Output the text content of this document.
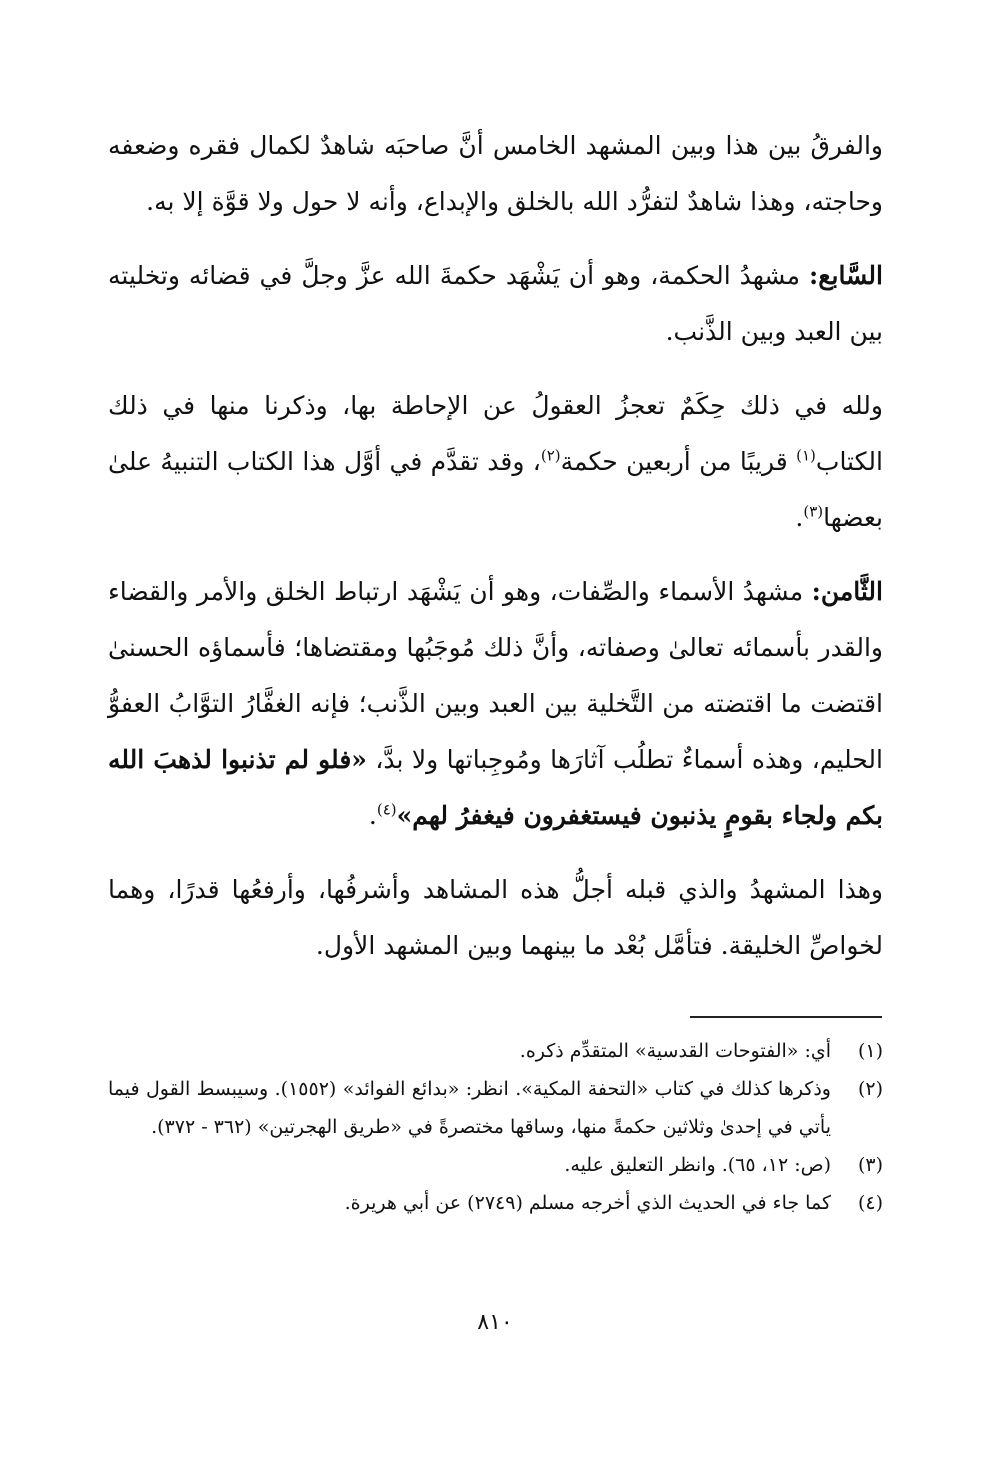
والفرقُ بين هذا وبين المشهد الخامس أنَّ صاحبَه شاهدٌ لكمال فقره وضعفه وحاجته، وهذا شاهدٌ لتفرُّد الله بالخلق والإبداع، وأنه لا حول ولا قوَّة إلا به.

السَّابع: مشهدُ الحكمة، وهو أن يَشْهَد حكمةَ الله عزَّ وجلَّ في قضائه وتخليته بين العبد وبين الذَّنب.

ولله في ذلك حِكَمٌ تعجزُ العقولُ عن الإحاطة بها، وذكرنا منها في ذلك الكتاب$^{(١)}$ قريبًا من أربعين حكمة$^{(٢)}$، وقد تقدَّم في أوَّل هذا الكتاب التنبيهُ علىٰ بعضها$^{(٣)}$.

الثَّامن: مشهدُ الأسماء والصِّفات، وهو أن يَشْهَد ارتباط الخلق والأمر والقضاء والقدر بأسمائه تعالىٰ وصفاته، وأنَّ ذلك مُوجَبُها ومقتضاها؛ فأسماؤه الحسنىٰ اقتضت ما اقتضته من التَّخلية بين العبد وبين الذَّنب؛ فإنه الغفَّارُ التوَّابُ العفوُّ الحليم، وهذه أسماءٌ تطلُب آثارَها ومُوجِباتها ولا بدَّ، «فلو لم تذنبوا لذهبَ الله بكم ولجاء بقومٍ يذنبون فيستغفرون فيغفرُ لهم»$^{(٤)}$.

وهذا المشهدُ والذي قبله أجلُّ هذه المشاهد وأشرفُها، وأرفعُها قدرًا، وهما لخواصِّ الخليقة. فتأمَّل بُعْد ما بينهما وبين المشهد الأول.

(١)
أي: «الفتوحات القدسية» المتقدِّم ذكره.
(٢)
وذكرها كذلك في كتاب «التحفة المكية». انظر: «بدائع الفوائد» (١٥٥٢). وسيبسط القول فيما يأتي في إحدىٰ وثلاثين حكمةً منها، وساقها مختصرةً في «طريق الهجرتين» (٣٦٢ - ٣٧٢).
(٣)
(ص: ١٢، ٦٥). وانظر التعليق عليه.
(٤)
كما جاء في الحديث الذي أخرجه مسلم (٢٧٤٩) عن أبي هريرة.
٨١٠
